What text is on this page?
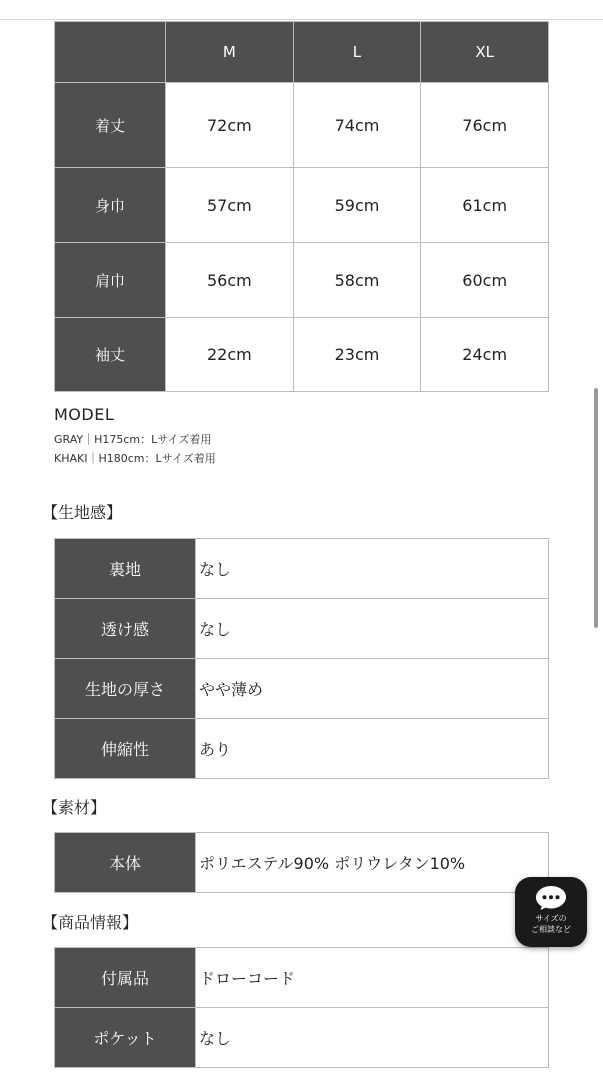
	M	L	XL
着丈	72cm	74cm	76cm
身巾	57cm	59cm	61cm
肩巾	56cm	58cm	60cm
袖丈	22cm	23cm	24cm
MODEL
GRAY｜H175cm：Lサイズ着用
KHAKI｜H180cm：Lサイズ着用
【生地感】
裏地	なし
透け感	なし
生地の厚さ	やや薄め
伸縮性	あり
【素材】
本体	ポリエステル90% ポリウレタン10%
【商品情報】
付属品	ドローコード
ポケット	なし
サイズの
ご相談など
